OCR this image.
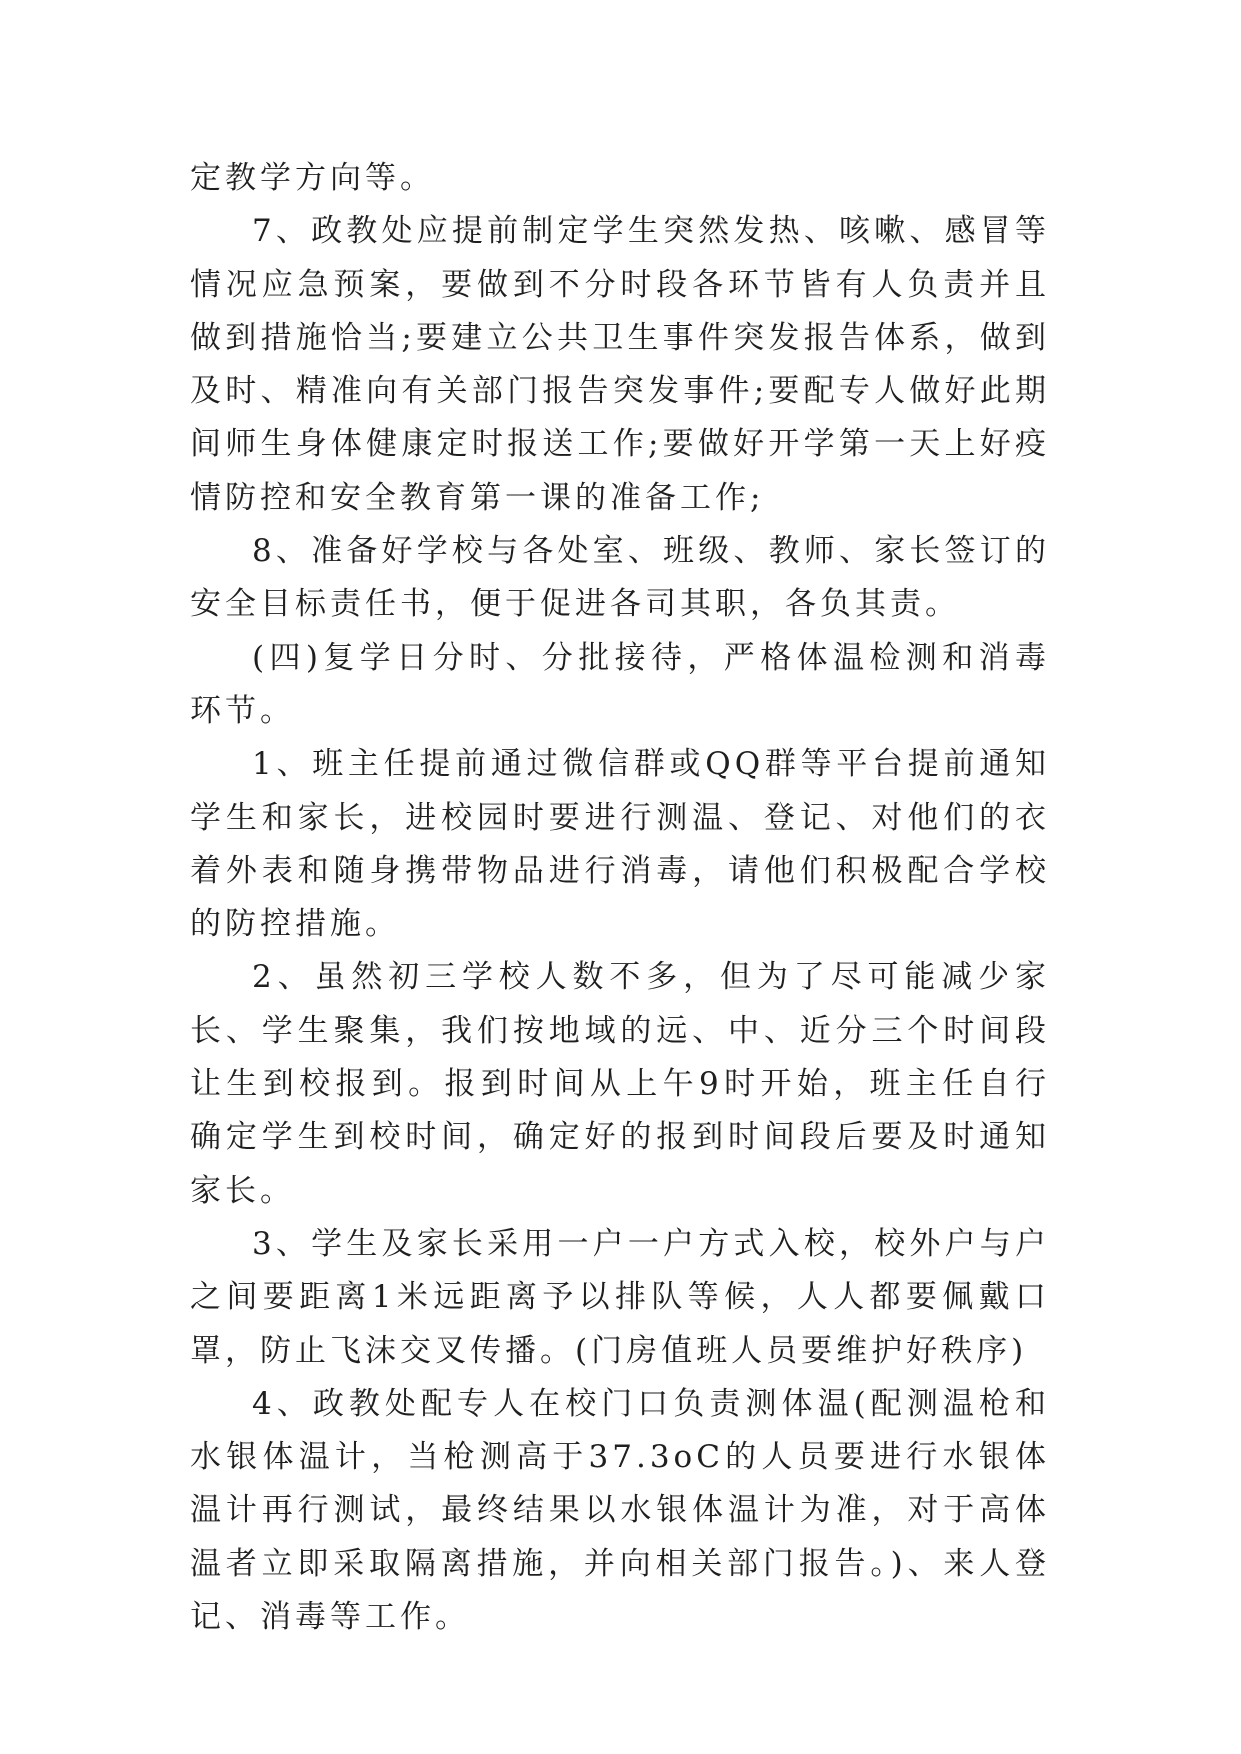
定教学方向等。

7、政教处应提前制定学生突然发热、咳嗽、感冒等情况应急预案，要做到不分时段各环节皆有人负责并且做到措施恰当;要建立公共卫生事件突发报告体系，做到及时、精准向有关部门报告突发事件;要配专人做好此期间师生身体健康定时报送工作;要做好开学第一天上好疫情防控和安全教育第一课的准备工作;

8、准备好学校与各处室、班级、教师、家长签订的安全目标责任书，便于促进各司其职，各负其责。

(四)复学日分时、分批接待，严格体温检测和消毒环节。

1、班主任提前通过微信群或QQ群等平台提前通知学生和家长，进校园时要进行测温、登记、对他们的衣着外表和随身携带物品进行消毒，请他们积极配合学校的防控措施。

2、虽然初三学校人数不多，但为了尽可能减少家长、学生聚集，我们按地域的远、中、近分三个时间段让生到校报到。报到时间从上午9时开始，班主任自行确定学生到校时间，确定好的报到时间段后要及时通知家长。

3、学生及家长采用一户一户方式入校，校外户与户之间要距离1米远距离予以排队等候，人人都要佩戴口罩，防止飞沫交叉传播。(门房值班人员要维护好秩序)

4、政教处配专人在校门口负责测体温(配测温枪和水银体温计，当枪测高于37.3oC的人员要进行水银体温计再行测试，最终结果以水银体温计为准，对于高体温者立即采取隔离措施，并向相关部门报告。)、来人登记、消毒等工作。
